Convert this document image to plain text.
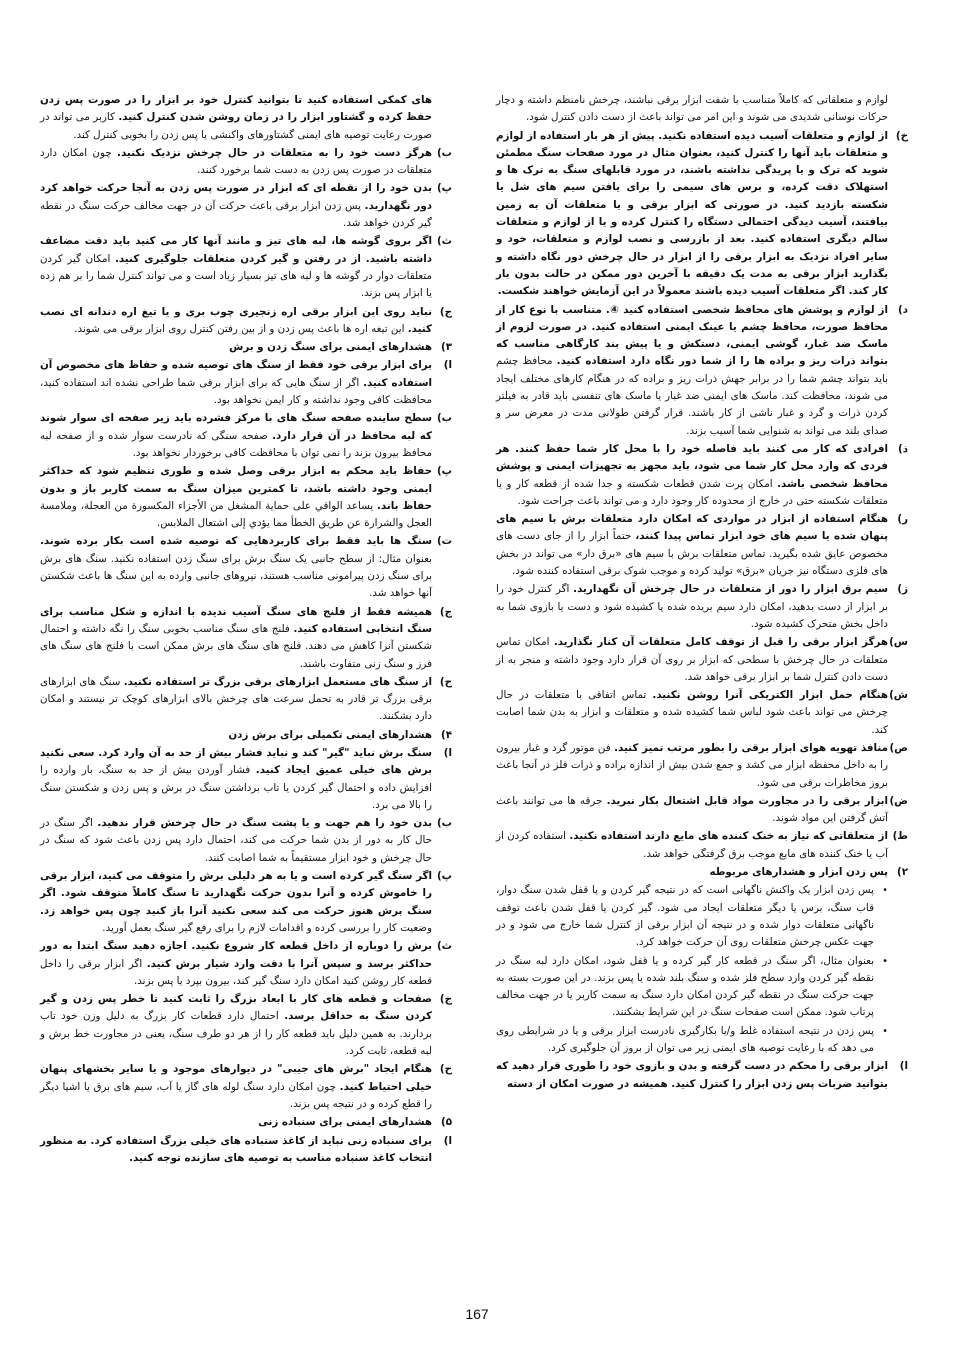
لوازم و متعلقاتی که کاملاً متناسب با شفت ابزار برقی نباشند، چرخش نامنظم داشته و دچار حرکات نوسانی شدیدی می شوند و این امر می تواند باعث از دست دادن کنترل شود.
خ)
از لوازم و متعلقات آسیب دیده استفاده نکنید. پیش از هر بار استفاده از لوازم و متعلقات باید آنها را کنترل کنید، بعنوان مثال در مورد صفحات سنگ مطمئن شوید که ترک و یا پریدگی نداشته باشند، در مورد قابلهای سنگ به ترک ها و استهلاک دقت کرده، و برس های سیمی را برای یافتن سیم های شل یا شکسته بازدید کنید. در صورتی که ابزار برقی و یا متعلقات آن به زمین بیافتند، آسیب دیدگی احتمالی دستگاه را کنترل کرده و یا از لوازم و متعلقات سالم دیگری استفاده کنید. بعد از بازرسی و نصب لوازم و متعلقات، خود و سایر افراد نزدیک به ابزار برقی را از ابزار در حال چرخش دور نگاه داشته و بگذارید ابزار برقی به مدت یک دقیقه با آخرین دور ممکن در حالت بدون بار کار کند. اگر متعلقات آسیب دیده باشند معمولاً در این آزمایش خواهند شکست.
د)
از لوازم و پوشش های محافظ شخصی استفاده کنید ④. متناسب با نوع کار از محافظ صورت، محافظ چشم یا عینک ایمنی استفاده کنید. در صورت لزوم از ماسک ضد غبار، گوشی ایمنی، دستکش و یا پیش بند کارگاهی مناسب که بتواند ذرات ریز و براده ها را از شما دور نگاه دارد استفاده کنید. محافظ چشم باید بتواند چشم شما را در برابر جهش ذرات ریز و براده که در هنگام کارهای مختلف ایجاد می شوند، محافظت کند. ماسک های ایمنی ضد غبار یا ماسک های تنفسی باید قادر به فیلتر کردن ذرات و گرد و غبار ناشی از کار باشند. قرار گرفتن طولانی مدت در معرض سر و صدای بلند می تواند به شنوایی شما آسیب بزند.
ذ)
افرادی که کار می کنند باید فاصله خود را با محل کار شما حفظ کنند. هر فردی که وارد محل کار شما می شود، باید مجهز به تجهیزات ایمنی و پوشش محافظ شخصی باشد. امکان پرت شدن قطعات شکسته و جدا شده از قطعه کار و یا متعلقات شکسته حتی در خارج از محدوده کار وجود دارد و می تواند باعث جراحت شود.
ر)
هنگام استفاده از ابزار در مواردی که امکان دارد متعلقات برش با سیم های پنهان شده یا سیم های خود ابزار تماس پیدا کنند، حتماً ابزار را از جای دست های مخصوص عایق شده بگیرید. تماس متعلقات برش با سیم های «برق دار» می تواند در بخش های فلزی دستگاه نیز جریان «برق» تولید کرده و موجب شوک برقی استفاده کننده شود.
ز)
سیم برق ابزار را دور از متعلقات در حال چرخش آن نگهدارید. اگر کنترل خود را بر ابزار از دست بدهید، امکان دارد سیم بریده شده یا کشیده شود و دست یا بازوی شما به داخل بخش متحرک کشیده شود.
س)
هرگز ابزار برقی را قبل از توقف کامل متعلقات آن کنار نگذارید. امکان تماس متعلقات در حال چرخش با سطحی که ابزار بر روی آن قرار دارد وجود داشته و منجر به از دست دادن کنترل شما بر ابزار برقی خواهد شد.
ش)
هنگام حمل ابزار الکتریکی آنرا روشن نکنید. تماس اتفاقی با متعلقات در حال چرخش می تواند باعث شود لباس شما کشیده شده و متعلقات و ابزار به بدن شما اصابت کند.
ص)
منافذ تهویه هوای ابزار برقی را بطور مرتب تمیز کنید. فن موتور گرد و غبار بیرون را به داخل محفظه ابزار می کشد و جمع شدن بیش از اندازه براده و ذرات فلز در آنجا باعث بروز مخاطرات برقی می شود.
ض)
ابزار برقی را در مجاورت مواد قابل اشتعال بکار نبرید. جرقه ها می توانند باعث آتش گرفتن این مواد شوند.
ط)
از متعلقاتی که نیاز به خنک کننده های مایع دارند استفاده نکنید. استفاده کردن از آب یا خنک کننده های مایع موجب برق گرفتگی خواهد شد.
۲)
پس زدن ابزار و هشدارهای مربوطه
•
پس زدن ابزار یک واکنش ناگهانی است که در نتیجه گیر کردن و یا قفل شدن سنگ دوار، قاب سنگ، برس یا دیگر متعلقات ایجاد می شود. گیر کردن یا قفل شدن باعث توقف ناگهانی متعلقات دوار شده و در نتیجه آن ابزار برقی از کنترل شما خارج می شود و در جهت عکس چرخش متعلقات روی آن حرکت خواهد کرد.
•
بعنوان مثال، اگر سنگ در قطعه کار گیر کرده و یا قفل شود، امکان دارد لبه سنگ در نقطه گیر کردن وارد سطح فلز شده و سنگ بلند شده یا پس بزند. در این صورت بسته به جهت حرکت سنگ در نقطه گیر کردن امکان دارد سنگ به سمت کاربر یا در جهت مخالف پرتاب شود. ممکن است صفحات سنگ در این شرایط بشکنند.
•
پس زدن در نتیجه استفاده غلط و/یا بکارگیری نادرست ابزار برقی و یا در شرایطی روی می دهد که با رعایت توصیه های ایمنی زیر می توان از بروز آن جلوگیری کرد.
ا)
ابزار برقی را محکم در دست گرفته و بدن و بازوی خود را طوری قرار دهید که بتوانید ضربات پس زدن ابزار را کنترل کنید. همیشه در صورت امکان از دسته
های کمکی استفاده کنید تا بتوانید کنترل خود بر ابزار را در صورت پس زدن حفظ کرده و گشتاور ابزار را در زمان روشن شدن کنترل کنید. کاربر می تواند در صورت رعایت توصیه های ایمنی گشتاورهای واکنشی یا پس زدن را بخوبی کنترل کند.
ب)
هرگز دست خود را به متعلقات در حال چرخش نزدیک نکنید. چون امکان دارد متعلقات در صورت پس زدن به دست شما برخورد کنند.
پ)
بدن خود را از نقطه ای که ابزار در صورت پس زدن به آنجا حرکت خواهد کرد دور نگهدارید. پس زدن ابزار برقی باعث حرکت آن در جهت مخالف حرکت سنگ در نقطه گیر کردن خواهد شد.
ث)
اگر بروی گوشه ها، لبه های تیز و مانند آنها کار می کنید باید دقت مضاعف داشته باشید. از در رفتن و گیر کردن متعلقات جلوگیری کنید. امکان گیر کردن متعلقات دوار در گوشه ها و لبه های تیز بسیار زیاد است و می تواند کنترل شما را بر هم زده یا ابزار پس بزند.
ج)
نباید روی این ابزار برقی اره زنجیری چوب بری و یا تیغ اره دندانه ای نصب کنید. این تیغه اره ها باعث پس زدن و از بین رفتن کنترل روی ابزار برقی می شوند.
۳)
هشدارهای ایمنی برای سنگ زدن و برش
ا)
برای ابزار برقی خود فقط از سنگ های توصیه شده و حفاظ های مخصوص آن استفاده کنید. اگر از سنگ هایی که برای ابزار برقی شما طراحی نشده اند استفاده کنید، محافظت کافی وجود نداشته و کار ایمن نخواهد بود.
ب)
سطح ساینده صفحه سنگ های با مرکز فشرده باید زیر صفحه ای سوار شوند که لبه محافظ در آن قرار دارد. صفحه سنگی که نادرست سوار شده و از صفحه لبه محافظ بیرون بزند را نمی توان با محافظت کافی برخوردار نخواهد بود.
پ)
حفاظ باید محکم به ابزار برقی وصل شده و طوری تنظیم شود که حداکثر ایمنی وجود داشته باشد، تا کمترین میزان سنگ به سمت کاربر باز و بدون حفاظ باند. يساعد الواقي على حماية المشغل من الأجزاء المكسورة من العجلة، وملامسة العجل والشرارة عن طريق الخطأ مما يؤدي إلى اشتعال الملابس.
ت)
سنگ ها باید فقط برای کاربردهایی که توصیه شده است بکار برده شوند. بعنوان مثال: از سطح جانبی یک سنگ برش برای سنگ زدن استفاده نکنید. سنگ های برش برای سنگ زدن پیرامونی مناسب هستند، نیروهای جانبی وارده به این سنگ ها باعث شکستن آنها خواهد شد.
ج)
همیشه فقط از فلنج های سنگ آسیب ندیده با اندازه و شکل مناسب برای سنگ انتخابی استفاده کنید. فلنج های سنگ مناسب بخوبی سنگ را نگه داشته و احتمال شکستن آنرا کاهش می دهند. فلنج های سنگ های برش ممکن است با فلنج های سنگ های فرز و سنگ زنی متفاوت باشند.
ح)
از سنگ های مستعمل ابزارهای برقی بزرگ تر استفاده نکنید. سنگ های ابزارهای برقی بزرگ تر قادر به تحمل سرعت های چرخش بالای ابزارهای کوچک تر نیستند و امکان دارد بشکنند.
۴)
هشدارهای ایمنی تکمیلی برای برش زدن
ا)
سنگ برش نباید "گیر" کند و نباید فشار بیش از حد به آن وارد کرد. سعی نکنید برش های خیلی عمیق ایجاد کنید. فشار آوردن بیش از حد به سنگ، بار وارده را افزایش داده و احتمال گیر کردن یا تاب برداشتن سنگ در برش و پس زدن و شکستن سنگ را بالا می برد.
ب)
بدن خود را هم جهت و یا پشت سنگ در حال چرخش قرار ندهید. اگر سنگ در حال کار به دور از بدن شما حرکت می کند، احتمال دارد پس زدن باعث شود که سنگ در حال چرخش و خود ابزار مستقیماً به شما اصابت کنند.
پ)
اگر سنگ گیر کرده است و یا به هر دلیلی برش را متوقف می کنید، ابزار برقی را خاموش کرده و آنرا بدون حرکت نگهدارید تا سنگ کاملاً متوقف شود. اگر سنگ برش هنوز حرکت می کند سعی نکنید آنرا باز کنید چون پس خواهد زد. وضعیت کار را بررسی کرده و اقدامات لازم را برای رفع گیر سنگ بعمل آورید.
ث)
برش را دوباره از داخل قطعه کار شروع نکنید. اجازه دهید سنگ ابتدا به دور حداکثر برسد و سپس آنرا با دقت وارد شیار برش کنید. اگر ابزار برقی را داخل قطعه کار روشن کنید امکان دارد سنگ گیر کند، بیرون بپرد یا پس بزند.
ج)
صفحات و قطعه های کار با ابعاد بزرگ را ثابت کنید تا خطر پس زدن و گیر کردن سنگ به حداقل برسد. احتمال دارد قطعات کار بزرگ به دلیل وزن خود تاب بردارند. به همین دلیل باید قطعه کار را از هر دو طرف سنگ، یعنی در مجاورت خط برش و لبه قطعه، ثابت کرد.
ح)
هنگام ایجاد "برش های جیبی" در دیوارهای موجود و یا سایر بخشهای پنهان خیلی احتیاط کنید. چون امکان دارد سنگ لوله های گاز یا آب، سیم های برق یا اشیا دیگر را قطع کرده و در نتیجه پس بزند.
۵)
هشدارهای ایمنی برای سنباده زنی
ا)
برای سنباده زنی نباید از کاغذ سنباده های خیلی بزرگ استفاده کرد. به منظور انتخاب کاغذ سنباده مناسب به توصیه های سازنده توجه کنید.
167
